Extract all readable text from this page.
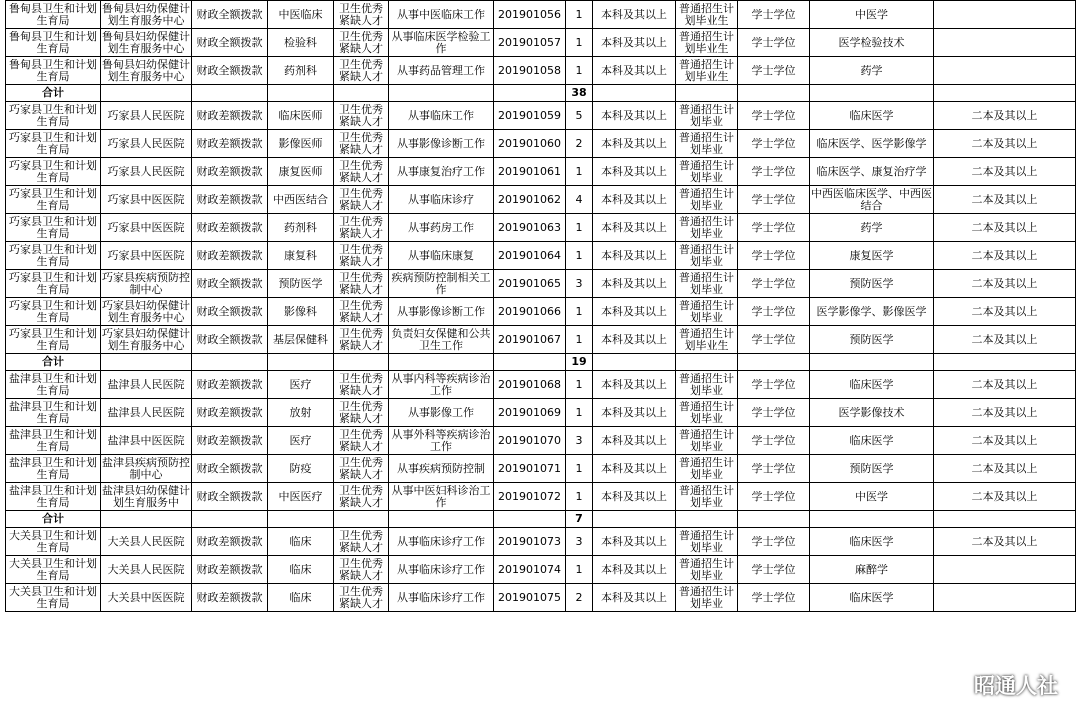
鲁甸县卫生和计划生育局	鲁甸县妇幼保健计划生育服务中心	财政全额拨款	中医临床	卫生优秀紧缺人才	从事中医临床工作	201901056	1	本科及其以上	普通招生计划毕业生	学士学位	中医学	

鲁甸县卫生和计划生育局	鲁甸县妇幼保健计划生育服务中心	财政全额拨款	检验科	卫生优秀紧缺人才	从事临床医学检验工作	201901057	1	本科及其以上	普通招生计划毕业生	学士学位	医学检验技术	

鲁甸县卫生和计划生育局	鲁甸县妇幼保健计划生育服务中心	财政全额拨款	药剂科	卫生优秀紧缺人才	从事药品管理工作	201901058	1	本科及其以上	普通招生计划毕业生	学士学位	药学	

合计							38					

巧家县卫生和计划生育局	巧家县人民医院	财政差额拨款	临床医师	卫生优秀紧缺人才	从事临床工作	201901059	5	本科及其以上	普通招生计划毕业	学士学位	临床医学	二本及其以上

巧家县卫生和计划生育局	巧家县人民医院	财政差额拨款	影像医师	卫生优秀紧缺人才	从事影像诊断工作	201901060	2	本科及其以上	普通招生计划毕业	学士学位	临床医学、医学影像学	二本及其以上

巧家县卫生和计划生育局	巧家县人民医院	财政差额拨款	康复医师	卫生优秀紧缺人才	从事康复治疗工作	201901061	1	本科及其以上	普通招生计划毕业	学士学位	临床医学、康复治疗学	二本及其以上

巧家县卫生和计划生育局	巧家县中医医院	财政差额拨款	中西医结合	卫生优秀紧缺人才	从事临床诊疗	201901062	4	本科及其以上	普通招生计划毕业	学士学位	中西医临床医学、中西医结合	二本及其以上

巧家县卫生和计划生育局	巧家县中医医院	财政差额拨款	药剂科	卫生优秀紧缺人才	从事药房工作	201901063	1	本科及其以上	普通招生计划毕业	学士学位	药学	二本及其以上

巧家县卫生和计划生育局	巧家县中医医院	财政差额拨款	康复科	卫生优秀紧缺人才	从事临床康复	201901064	1	本科及其以上	普通招生计划毕业	学士学位	康复医学	二本及其以上

巧家县卫生和计划生育局	巧家县疾病预防控制中心	财政全额拨款	预防医学	卫生优秀紧缺人才	疾病预防控制相关工作	201901065	3	本科及其以上	普通招生计划毕业	学士学位	预防医学	二本及其以上

巧家县卫生和计划生育局	巧家县妇幼保健计划生育服务中心	财政全额拨款	影像科	卫生优秀紧缺人才	从事影像诊断工作	201901066	1	本科及其以上	普通招生计划毕业	学士学位	医学影像学、影像医学	二本及其以上

巧家县卫生和计划生育局	巧家县妇幼保健计划生育服务中心	财政全额拨款	基层保健科	卫生优秀紧缺人才	负责妇女保健和公共卫生工作	201901067	1	本科及其以上	普通招生计划毕业生	学士学位	预防医学	二本及其以上

合计							19					

盐津县卫生和计划生育局	盐津县人民医院	财政差额拨款	医疗	卫生优秀紧缺人才	从事内科等疾病诊治工作	201901068	1	本科及其以上	普通招生计划毕业	学士学位	临床医学	二本及其以上

盐津县卫生和计划生育局	盐津县人民医院	财政差额拨款	放射	卫生优秀紧缺人才	从事影像工作	201901069	1	本科及其以上	普通招生计划毕业	学士学位	医学影像技术	二本及其以上

盐津县卫生和计划生育局	盐津县中医医院	财政差额拨款	医疗	卫生优秀紧缺人才	从事外科等疾病诊治工作	201901070	3	本科及其以上	普通招生计划毕业	学士学位	临床医学	二本及其以上

盐津县卫生和计划生育局	盐津县疾病预防控制中心	财政全额拨款	防疫	卫生优秀紧缺人才	从事疾病预防控制	201901071	1	本科及其以上	普通招生计划毕业	学士学位	预防医学	二本及其以上

盐津县卫生和计划生育局	盐津县妇幼保健计划生育服务中	财政全额拨款	中医医疗	卫生优秀紧缺人才	从事中医妇科诊治工作	201901072	1	本科及其以上	普通招生计划毕业	学士学位	中医学	二本及其以上

合计							7					

大关县卫生和计划生育局	大关县人民医院	财政差额拨款	临床	卫生优秀紧缺人才	从事临床诊疗工作	201901073	3	本科及其以上	普通招生计划毕业	学士学位	临床医学	二本及其以上

大关县卫生和计划生育局	大关县人民医院	财政差额拨款	临床	卫生优秀紧缺人才	从事临床诊疗工作	201901074	1	本科及其以上	普通招生计划毕业	学士学位	麻醉学	

大关县卫生和计划生育局	大关县中医医院	财政差额拨款	临床	卫生优秀紧缺人才	从事临床诊疗工作	201901075	2	本科及其以上	普通招生计划毕业	学士学位	临床医学	

昭通人社
